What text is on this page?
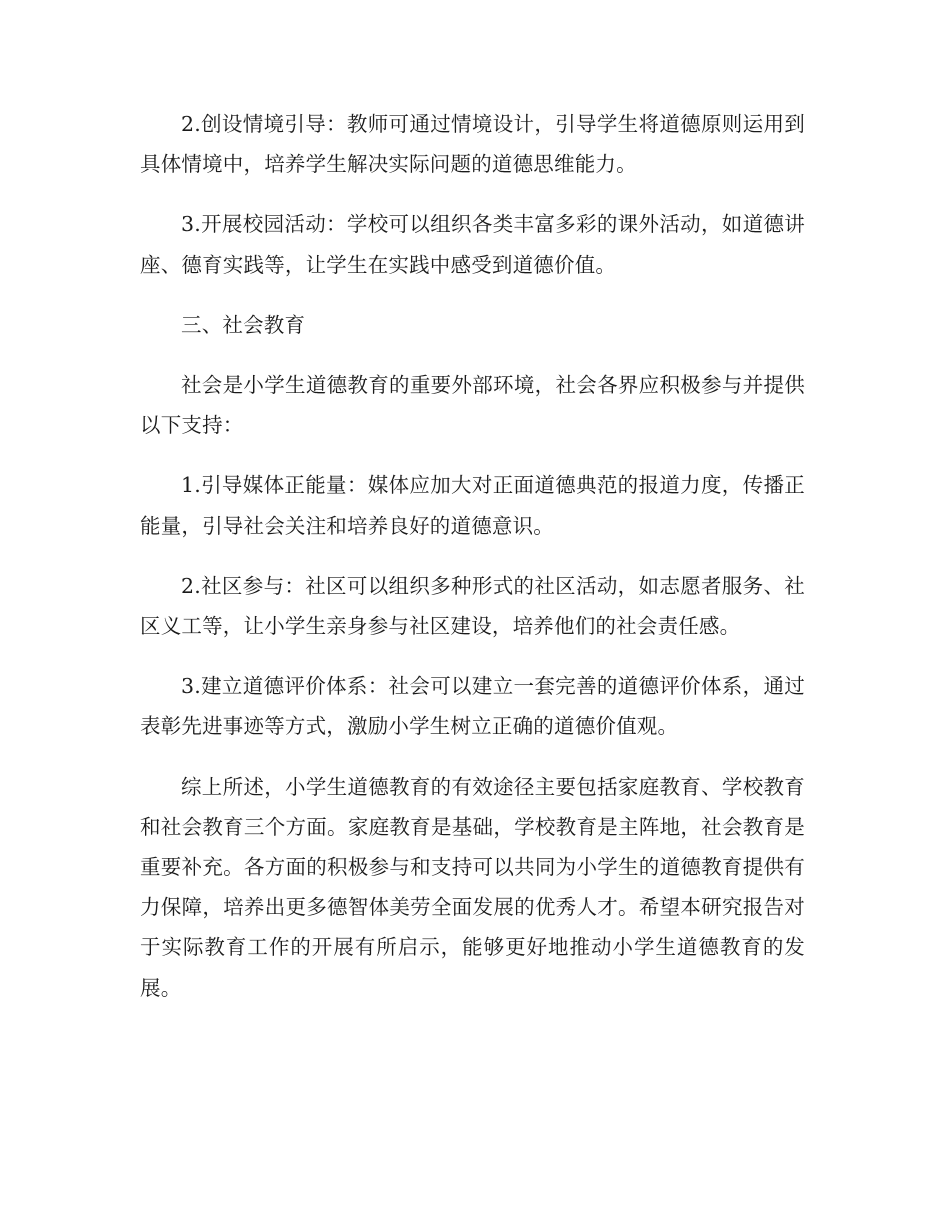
2.创设情境引导：教师可通过情境设计，引导学生将道德原则运用到具体情境中，培养学生解决实际问题的道德思维能力。

3.开展校园活动：学校可以组织各类丰富多彩的课外活动，如道德讲座、德育实践等，让学生在实践中感受到道德价值。

三、社会教育

社会是小学生道德教育的重要外部环境，社会各界应积极参与并提供以下支持：

1.引导媒体正能量：媒体应加大对正面道德典范的报道力度，传播正能量，引导社会关注和培养良好的道德意识。

2.社区参与：社区可以组织多种形式的社区活动，如志愿者服务、社区义工等，让小学生亲身参与社区建设，培养他们的社会责任感。

3.建立道德评价体系：社会可以建立一套完善的道德评价体系，通过表彰先进事迹等方式，激励小学生树立正确的道德价值观。

综上所述，小学生道德教育的有效途径主要包括家庭教育、学校教育和社会教育三个方面。家庭教育是基础，学校教育是主阵地，社会教育是重要补充。各方面的积极参与和支持可以共同为小学生的道德教育提供有力保障，培养出更多德智体美劳全面发展的优秀人才。希望本研究报告对于实际教育工作的开展有所启示，能够更好地推动小学生道德教育的发展。
